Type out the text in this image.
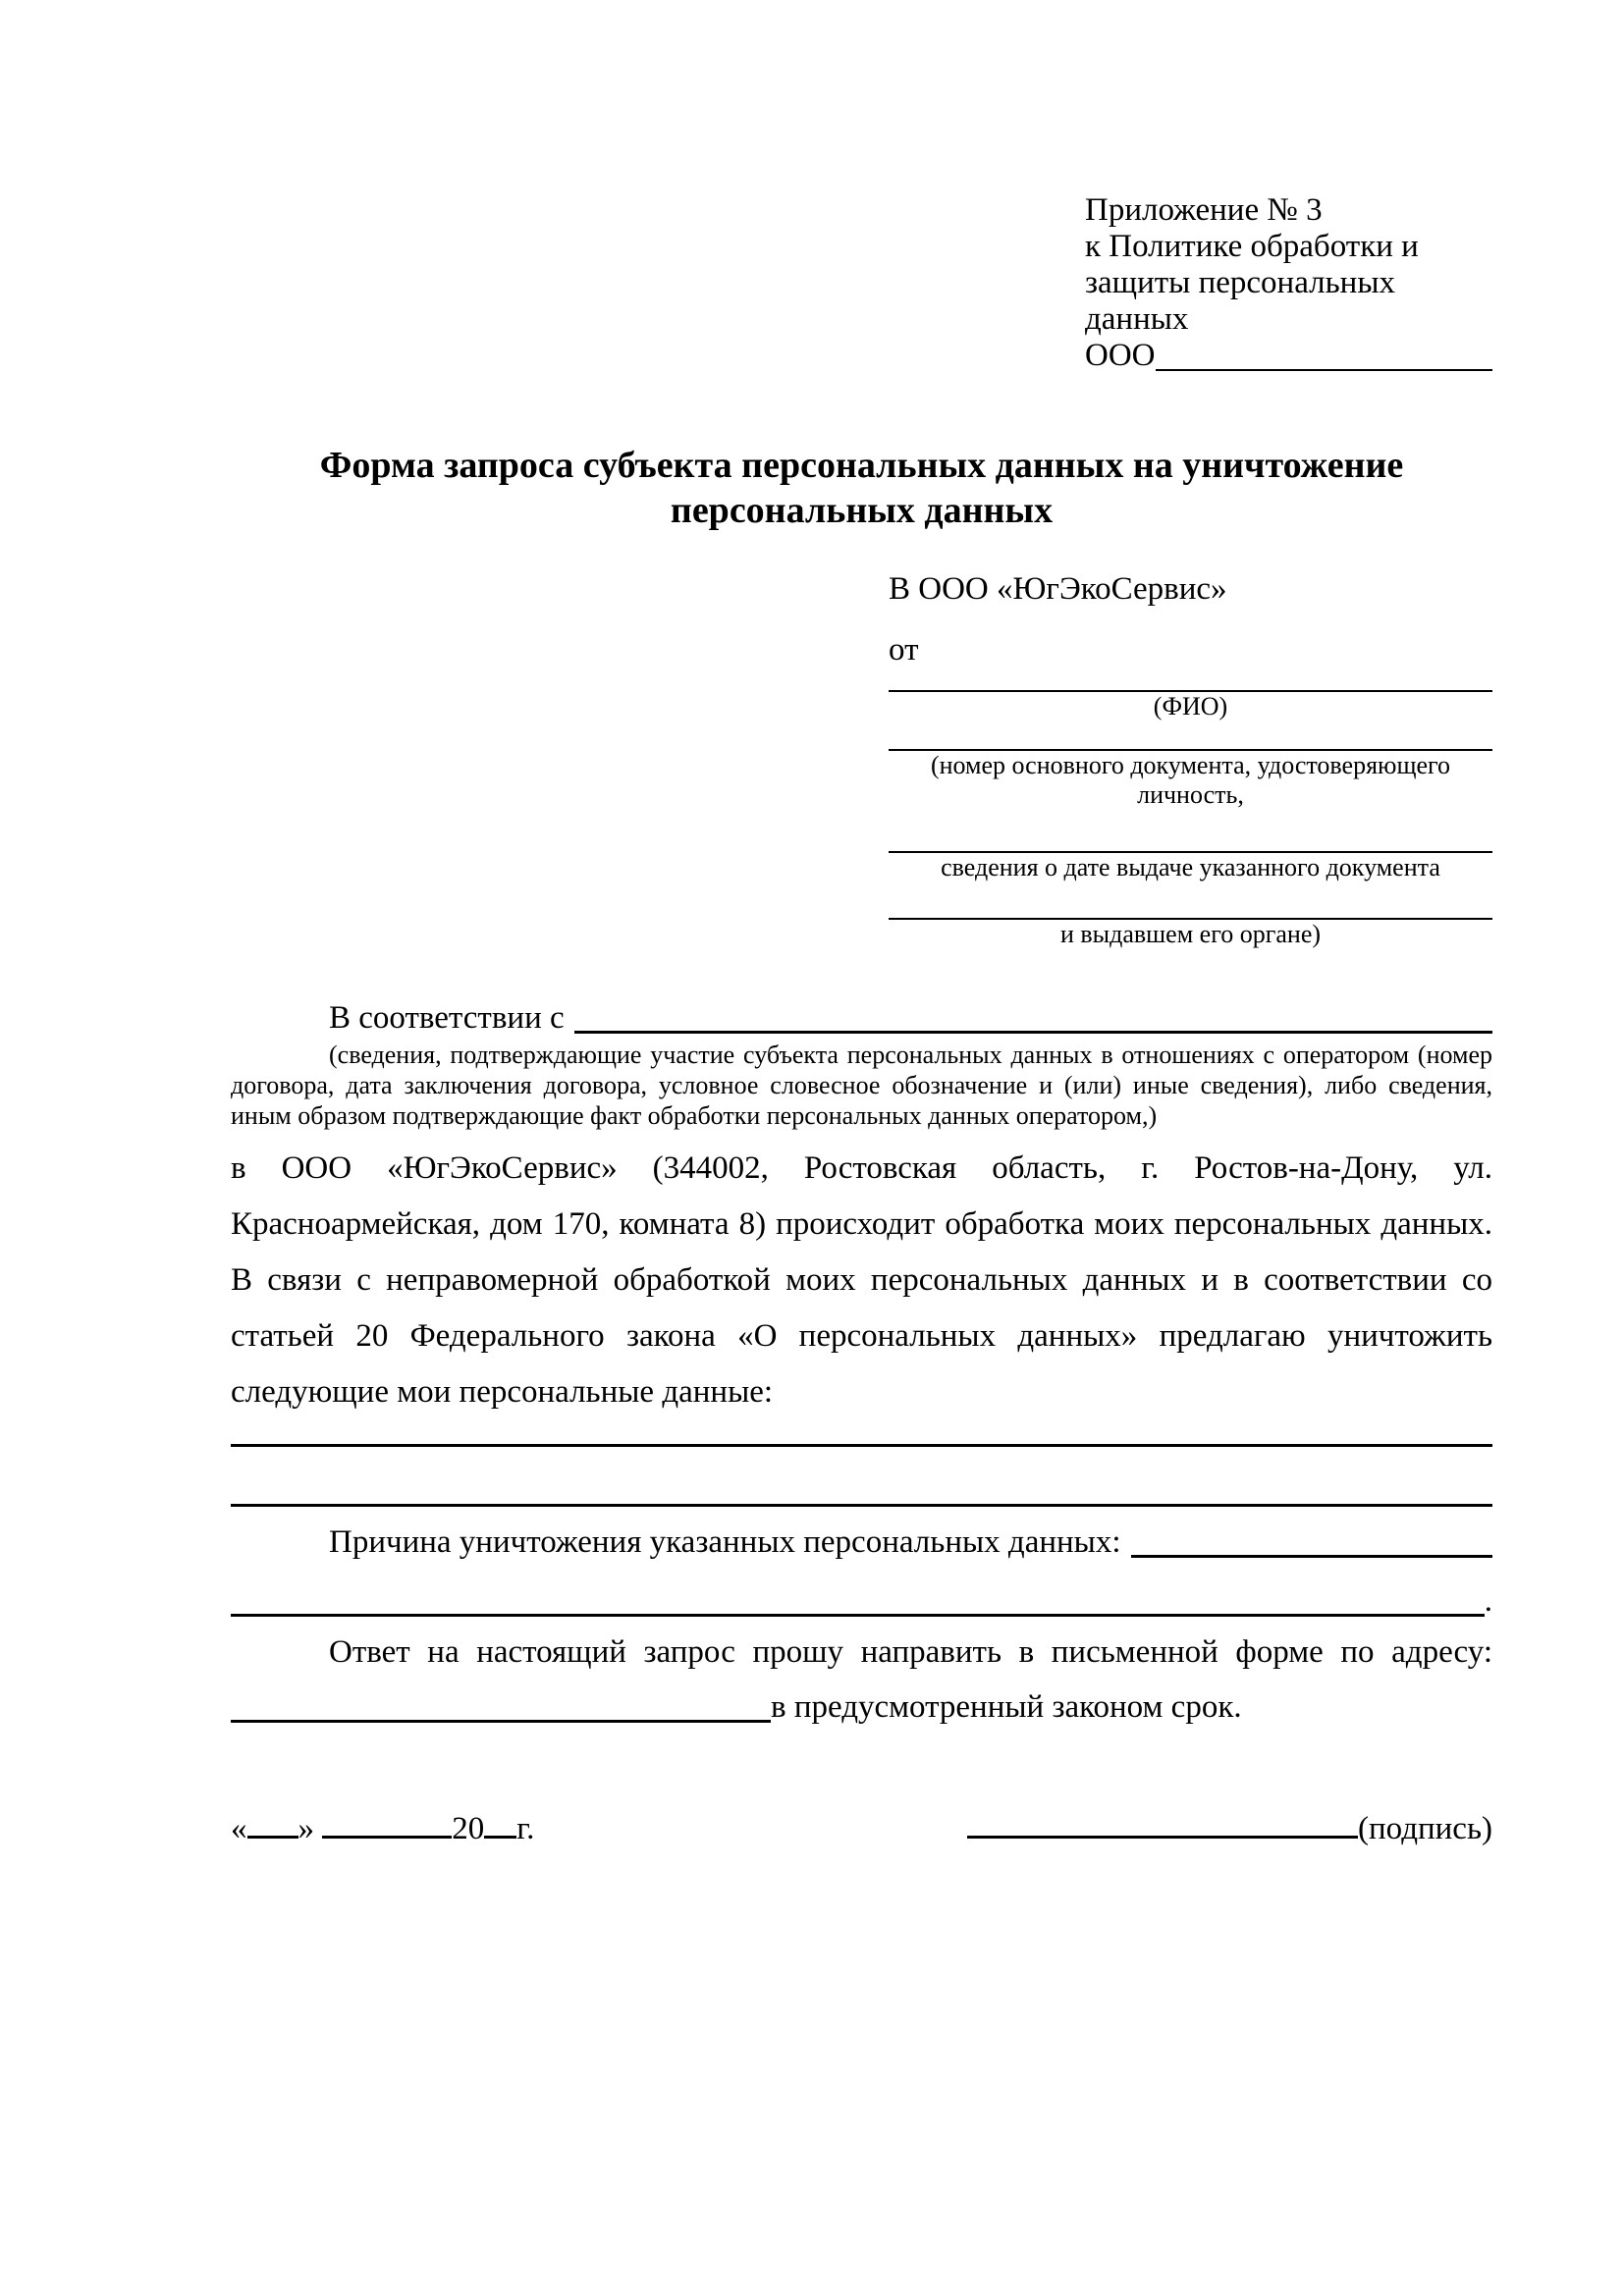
Приложение № 3
к Политике обработки и
защиты персональных данных
ООО
Форма запроса субъекта персональных данных на уничтожение персональных данных
В ООО «ЮгЭкоСервис»
от
(ФИО)
(номер основного документа, удостоверяющего личность,
сведения о дате выдаче указанного документа
и выдавшем его органе)
В соответствии с
(сведения, подтверждающие участие субъекта персональных данных в отношениях с оператором (номер договора, дата заключения договора, условное словесное обозначение и (или) иные сведения), либо сведения, иным образом подтверждающие факт обработки персональных данных оператором,)
в ООО «ЮгЭкоСервис» (344002, Ростовская область, г. Ростов-на-Дону, ул. Красноармейская, дом 170, комната 8) происходит обработка моих персональных данных. В связи с неправомерной обработкой моих персональных данных и в соответствии со статьей 20 Федерального закона «О персональных данных» предлагаю уничтожить следующие мои персональные данные:
Причина уничтожения указанных персональных данных:
.
Ответ на настоящий запрос прошу направить в письменной форме по адресу:
в предусмотренный законом срок.
« »	20 г.	(подпись)
